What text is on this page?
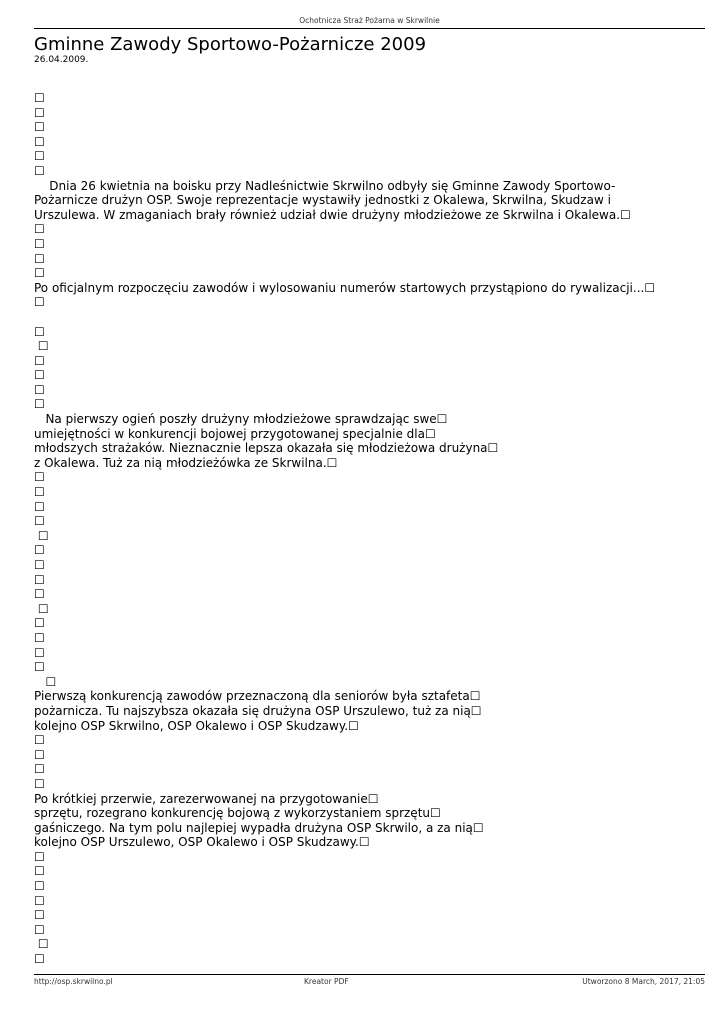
Ochotnicza Straż Pożarna w Skrwilnie
Gminne Zawody Sportowo-Pożarnicze 2009
26.04.2009.
☐
☐
☐
☐
☐
☐
Dnia 26 kwietnia na boisku przy Nadleśnictwie Skrwilno odbyły się Gminne Zawody Sportowo-
Pożarnicze drużyn OSP. Swoje reprezentacje wystawiły jednostki z Okalewa, Skrwilna, Skudzaw i
Urszulewa. W zmaganiach brały również udział dwie drużyny młodzieżowe ze Skrwilna i Okalewa.☐
☐
☐
☐
☐
Po oficjalnym rozpoczęciu zawodów i wylosowaniu numerów startowych przystąpiono do rywalizacji...☐
☐
☐
☐
☐
☐
☐
☐
Na pierwszy ogień poszły drużyny młodzieżowe sprawdzając swe☐
umiejętności w konkurencji bojowej przygotowanej specjalnie dla☐
młodszych strażaków. Nieznacznie lepsza okazała się młodzieżowa drużyna☐
z Okalewa. Tuż za nią młodzieżówka ze Skrwilna.☐
☐
☐
☐
☐
☐
☐
☐
☐
☐
☐
☐
☐
☐
☐
☐
Pierwszą konkurencją zawodów przeznaczoną dla seniorów była sztafeta☐
pożarnicza. Tu najszybsza okazała się drużyna OSP Urszulewo, tuż za nią☐
kolejno OSP Skrwilno, OSP Okalewo i OSP Skudzawy.☐
☐
☐
☐
☐
Po krótkiej przerwie, zarezerwowanej na przygotowanie☐
sprzętu, rozegrano konkurencję bojową z wykorzystaniem sprzętu☐
gaśniczego. Na tym polu najlepiej wypadła drużyna OSP Skrwilo, a za nią☐
kolejno OSP Urszulewo, OSP Okalewo i OSP Skudzawy.☐
☐
☐
☐
☐
☐
☐
☐
☐
http://osp.skrwilno.pl	Kreator PDF	Utworzono 8 March, 2017, 21:05
